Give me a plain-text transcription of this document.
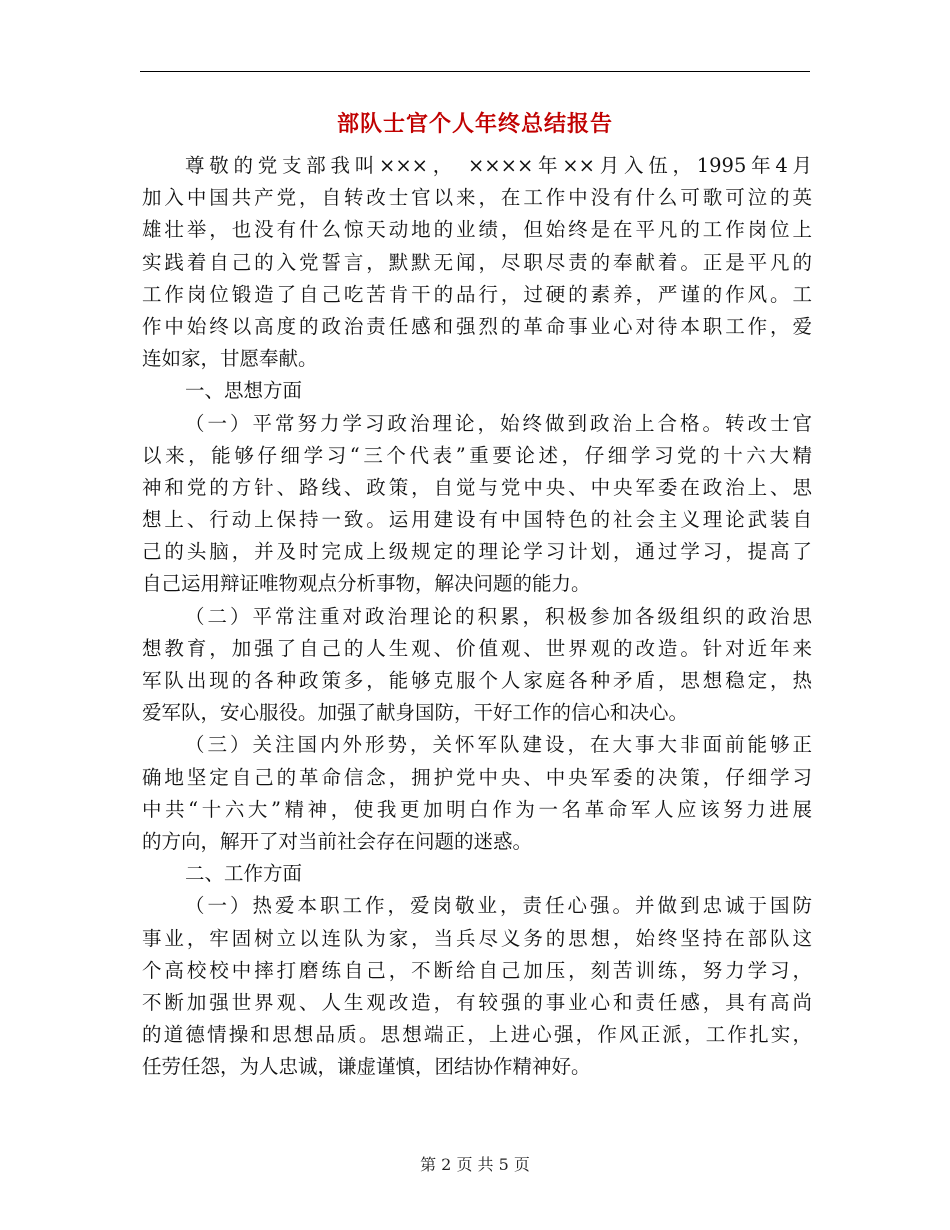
部队士官个人年终总结报告
尊敬的党支部我叫×××， ××××年××月入伍，1995年4月
加入中国共产党，自转改士官以来，在工作中没有什么可歌可泣的英
雄壮举，也没有什么惊天动地的业绩，但始终是在平凡的工作岗位上
实践着自己的入党誓言，默默无闻，尽职尽责的奉献着。正是平凡的
工作岗位锻造了自己吃苦肯干的品行，过硬的素养，严谨的作风。工
作中始终以高度的政治责任感和强烈的革命事业心对待本职工作，爱
连如家，甘愿奉献。
一、思想方面
（一）平常努力学习政治理论，始终做到政治上合格。转改士官
以来，能够仔细学习“三个代表”重要论述，仔细学习党的十六大精
神和党的方针、路线、政策，自觉与党中央、中央军委在政治上、思
想上、行动上保持一致。运用建设有中国特色的社会主义理论武装自
己的头脑，并及时完成上级规定的理论学习计划，通过学习，提高了
自己运用辩证唯物观点分析事物，解决问题的能力。
（二）平常注重对政治理论的积累，积极参加各级组织的政治思
想教育，加强了自己的人生观、价值观、世界观的改造。针对近年来
军队出现的各种政策多，能够克服个人家庭各种矛盾，思想稳定，热
爱军队，安心服役。加强了献身国防，干好工作的信心和决心。
（三）关注国内外形势，关怀军队建设，在大事大非面前能够正
确地坚定自己的革命信念，拥护党中央、中央军委的决策，仔细学习
中共“十六大”精神，使我更加明白作为一名革命军人应该努力进展
的方向，解开了对当前社会存在问题的迷惑。
二、工作方面
（一）热爱本职工作，爱岗敬业，责任心强。并做到忠诚于国防
事业，牢固树立以连队为家，当兵尽义务的思想，始终坚持在部队这
个高校校中摔打磨练自己，不断给自己加压，刻苦训练，努力学习，
不断加强世界观、人生观改造，有较强的事业心和责任感，具有高尚
的道德情操和思想品质。思想端正，上进心强，作风正派，工作扎实，
任劳任怨，为人忠诚，谦虚谨慎，团结协作精神好。
第 2 页 共 5 页
